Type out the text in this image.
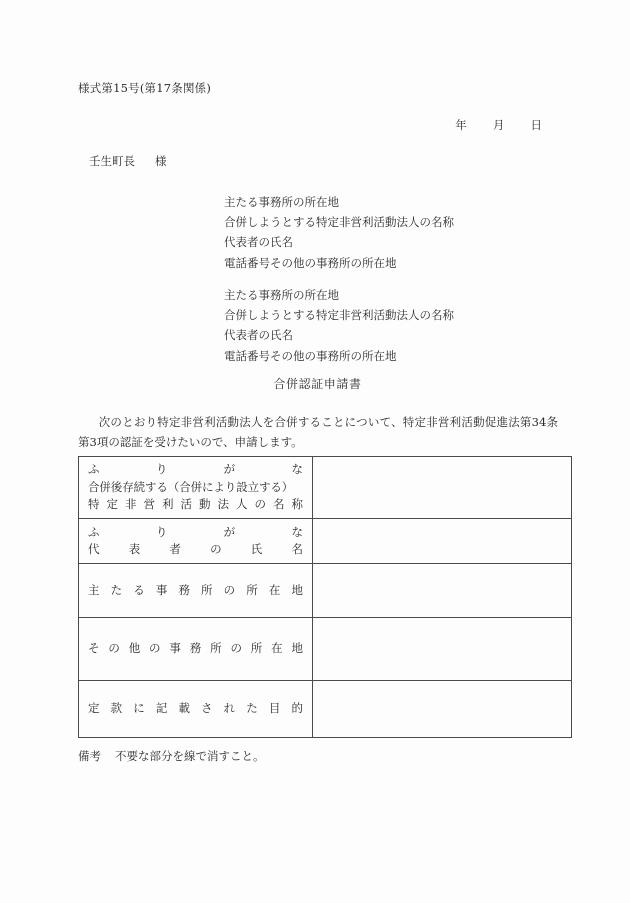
様式第15号(第17条関係)
年 月 日
壬生町長 様
主たる事務所の所在地
合併しようとする特定非営利活動法人の名称
代表者の氏名
電話番号その他の事務所の所在地
主たる事務所の所在地
合併しようとする特定非営利活動法人の名称
代表者の氏名
電話番号その他の事務所の所在地
合併認証申請書
次のとおり特定非営利活動法人を合併することについて、特定非営利活動促進法第34条第3項の認証を受けたいので、申請します。
ふりがな
合併後存続する（合併により設立する）
特定非営利活動法人の名称	

ふりがな
代表者の氏名	

主たる事務所の所在地	

その他の事務所の所在地	

定款に記載された目的	

備考 不要な部分を線で消すこと。
